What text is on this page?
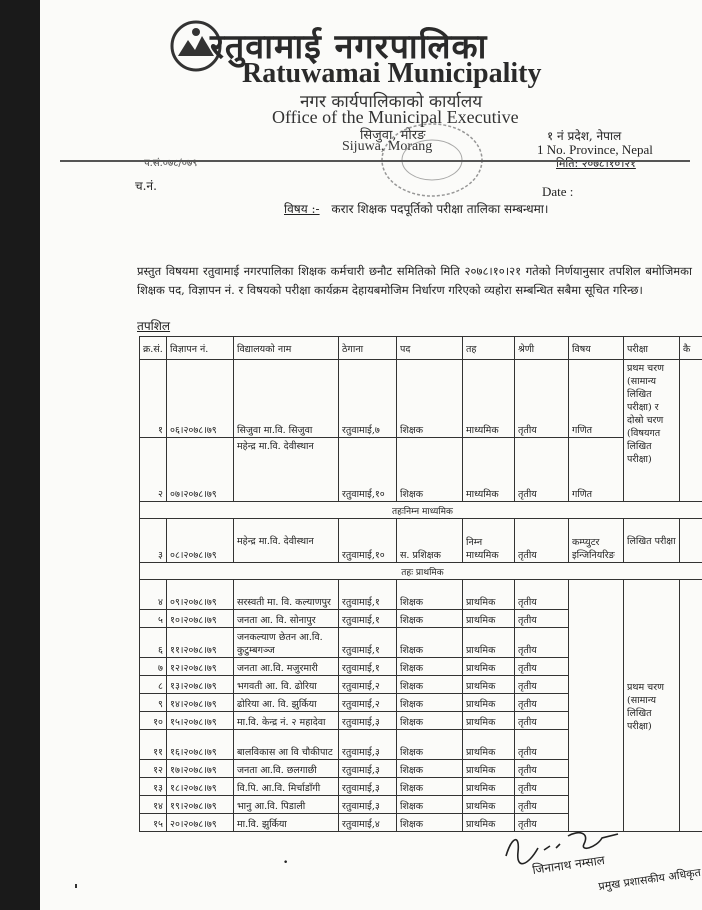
रतुवामाई नगरपालिका
Ratuwamai Municipality
नगर कार्यपालिकाको कार्यालय
Office of the Municipal Executive
सिजुवा, मोरङ
Sijuwa, Morang
१ नं प्रदेश, नेपाल
1 No. Province, Nepal
मिति: २०७८।१०।२१
प.सं.०७८/०७९
च.नं.	Date :
विषय :- करार शिक्षक पदपूर्तिको परीक्षा तालिका सम्बन्धमा।
प्रस्तुत विषयमा रतुवामाई नगरपालिका शिक्षक कर्मचारी छनौट समितिको मिति २०७८।१०।२१ गतेको निर्णयानुसार तपशिल बमोजिमका शिक्षक पद, विज्ञापन नं. र विषयको परीक्षा कार्यक्रम देहायबमोजिम निर्धारण गरिएको व्यहोरा सम्बन्धित सबैमा सूचित गरिन्छ।
तपशिल
क्र.सं.	विज्ञापन नं.	विद्यालयको नाम	ठेगाना	पद	तह	श्रेणी	विषय	परीक्षा	कै
१	०६।२०७८।७९	सिजुवा मा.वि. सिजुवा	रतुवामाई,७	शिक्षक	माध्यमिक	तृतीय	गणित	प्रथम चरण (सामान्य लिखित परीक्षा) र दोस्रो चरण (विषयगत लिखित परीक्षा)	
२	०७।२०७८।७९	महेन्द्र मा.वि. देवीस्थान	रतुवामाई,१०	शिक्षक	माध्यमिक	तृतीय	गणित		
तहःनिम्न माध्यमिक									
३	०८।२०७८।७९	महेन्द्र मा.वि. देवीस्थान	रतुवामाई,१०	स. प्रशिक्षक	निम्न माध्यमिक	तृतीय	कम्प्युटर इन्जिनियरिङ	लिखित परीक्षा	
तहः प्राथमिक									
४	०९।२०७८।७९	सरस्वती मा. वि. कल्याणपुर	रतुवामाई,१	शिक्षक	प्राथमिक	तृतीय		प्रथम चरण (सामान्य लिखित परीक्षा)	
५	१०।२०७८।७९	जनता आ. वि. सोनापुर	रतुवामाई,१	शिक्षक	प्राथमिक	तृतीय			
६	११।२०७८।७९	जनकल्याण छेतन आ.वि. कुटुम्बगञ्ज	रतुवामाई,१	शिक्षक	प्राथमिक	तृतीय			
७	१२।२०७८।७९	जनता आ.वि. मजुरमारी	रतुवामाई,१	शिक्षक	प्राथमिक	तृतीय			
८	१३।२०७८।७९	भगवती आ. वि. ढोरिया	रतुवामाई,२	शिक्षक	प्राथमिक	तृतीय			
९	१४।२०७८।७९	ढोरिया आ. वि. झुर्किया	रतुवामाई,२	शिक्षक	प्राथमिक	तृतीय			
१०	१५।२०७८।७९	मा.वि. केन्द्र नं. २ महादेवा	रतुवामाई,३	शिक्षक	प्राथमिक	तृतीय			
११	१६।२०७८।७९	बालविकास आ वि चौकीपाट	रतुवामाई,३	शिक्षक	प्राथमिक	तृतीय			
१२	१७।२०७८।७९	जनता आ.वि. छलगाछी	रतुवामाई,३	शिक्षक	प्राथमिक	तृतीय			
१३	१८।२०७८।७९	वि.पि. आ.वि. मिर्चाडाँगी	रतुवामाई,३	शिक्षक	प्राथमिक	तृतीय			
१४	१९।२०७८।७९	भानु आ.वि. पिडाली	रतुवामाई,३	शिक्षक	प्राथमिक	तृतीय			
१५	२०।२०७८।७९	मा.वि. झुर्किया	रतुवामाई,४	शिक्षक	प्राथमिक	तृतीय			
•	जिनानाथ नम्साल
प्रमुख प्रशासकीय अधिकृत
